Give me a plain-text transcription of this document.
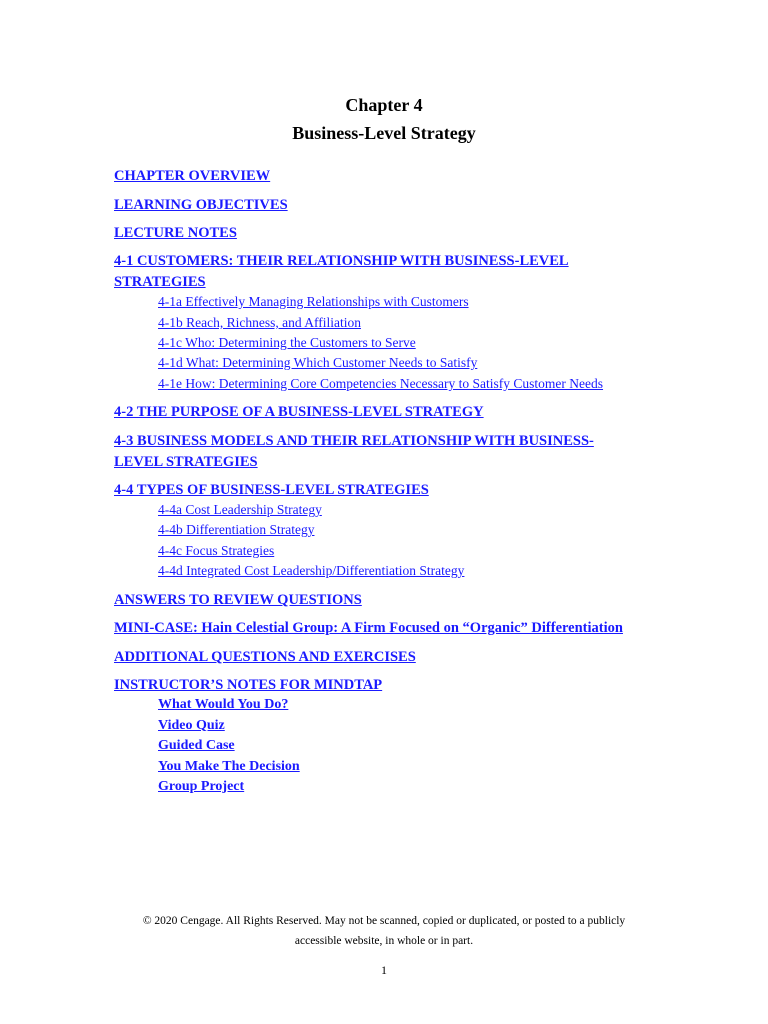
Chapter 4
Business-Level Strategy
CHAPTER OVERVIEW
LEARNING OBJECTIVES
LECTURE NOTES
4-1 CUSTOMERS: THEIR RELATIONSHIP WITH BUSINESS-LEVEL
STRATEGIES
4-1a Effectively Managing Relationships with Customers
4-1b Reach, Richness, and Affiliation
4-1c Who: Determining the Customers to Serve
4-1d What: Determining Which Customer Needs to Satisfy
4-1e How: Determining Core Competencies Necessary to Satisfy Customer Needs
4-2 THE PURPOSE OF A BUSINESS-LEVEL STRATEGY
4-3 BUSINESS MODELS AND THEIR RELATIONSHIP WITH BUSINESS-
LEVEL STRATEGIES
4-4 TYPES OF BUSINESS-LEVEL STRATEGIES
4-4a Cost Leadership Strategy
4-4b Differentiation Strategy
4-4c Focus Strategies
4-4d Integrated Cost Leadership/Differentiation Strategy
ANSWERS TO REVIEW QUESTIONS
MINI-CASE: Hain Celestial Group: A Firm Focused on “Organic” Differentiation
ADDITIONAL QUESTIONS AND EXERCISES
INSTRUCTOR’S NOTES FOR MINDTAP
What Would You Do?
Video Quiz
Guided Case
You Make The Decision
Group Project
© 2020 Cengage. All Rights Reserved. May not be scanned, copied or duplicated, or posted to a publicly
accessible website, in whole or in part.
1
